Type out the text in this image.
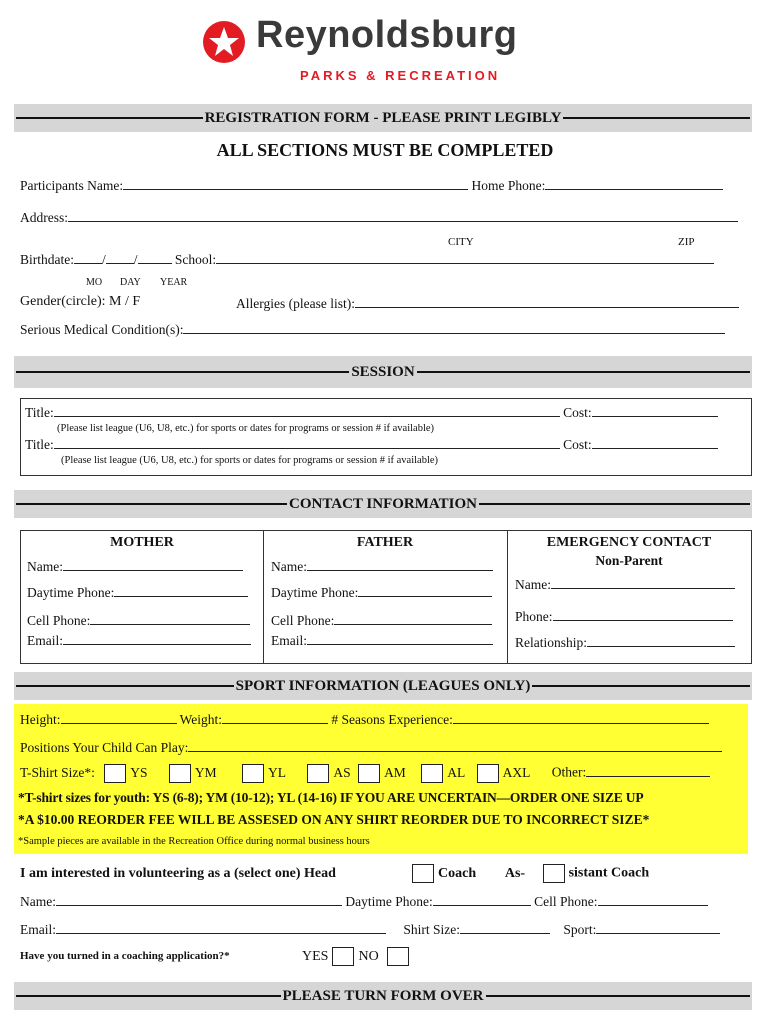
Reynoldsburg
PARKS & RECREATION
REGISTRATION FORM - PLEASE PRINT LEGIBLY
ALL SECTIONS MUST BE COMPLETED
Participants Name:	Home Phone:
Address:
CITY	ZIP
Birthdate: / /	School:
MO DAY YEAR
Gender(circle): M / F	Allergies (please list):
Serious Medical Condition(s):
SESSION
Title:	Cost:
(Please list league (U6, U8, etc.) for sports or dates for programs or session # if available)
Title:	Cost:
(Please list league (U6, U8, etc.) for sports or dates for programs or session # if available)
CONTACT INFORMATION
MOTHER
Name:
Daytime Phone:
Cell Phone:
Email:
FATHER
Name:
Daytime Phone:
Cell Phone:
Email:
EMERGENCY CONTACT
Non-Parent
Name:
Phone:
Relationship:
SPORT INFORMATION (LEAGUES ONLY)
Height:	Weight:	# Seasons Experience:
Positions Your Child Can Play:
T-Shirt Size*:	YS	YM	YL	AS AM	AL	AXL Other:
*T-shirt sizes for youth: YS (6-8); YM (10-12); YL (14-16) IF YOU ARE UNCERTAIN—ORDER ONE SIZE UP
*A $10.00 REORDER FEE WILL BE ASSESED ON ANY SHIRT REORDER DUE TO INCORRECT SIZE*
*Sample pieces are available in the Recreation Office during normal business hours
I am interested in volunteering as a (select one) Head	Coach As-	sistant Coach
Name:	Daytime Phone:	Cell Phone:
Email:	Shirt Size:	Sport:
Have you turned in a coaching application?*	YES NO
PLEASE TURN FORM OVER
